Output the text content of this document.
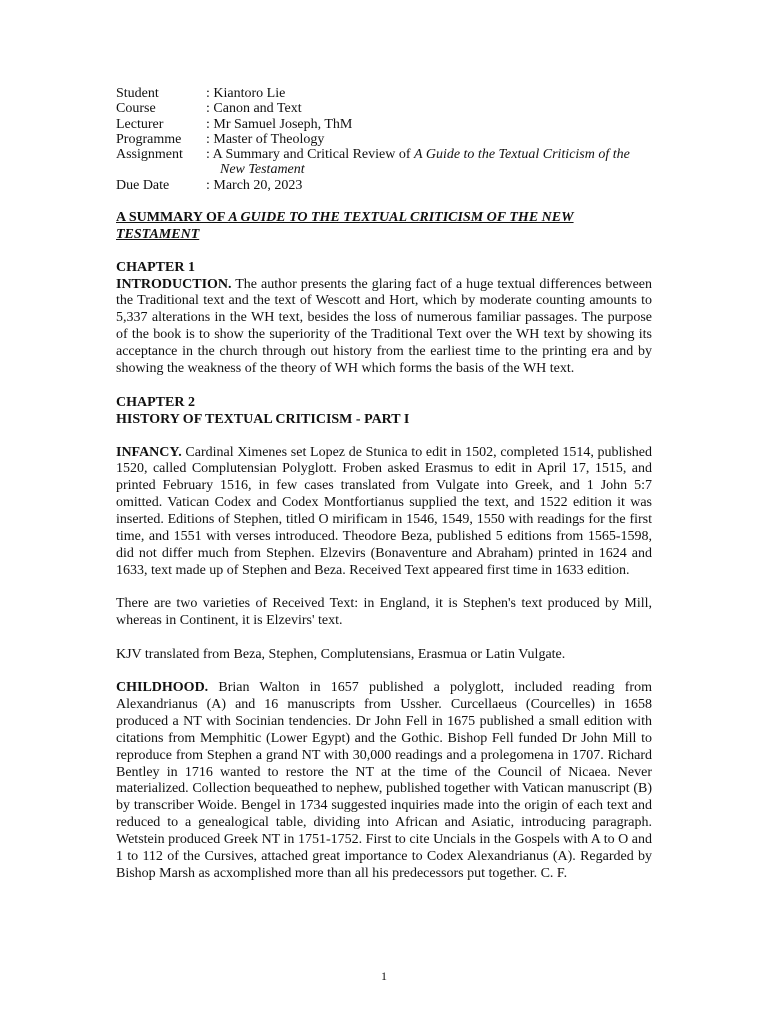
Student	: Kiantoro Lie
Course	: Canon and Text
Lecturer	: Mr Samuel Joseph, ThM
Programme	: Master of Theology
Assignment	: A Summary and Critical Review of A Guide to the Textual Criticism of the
New Testament
Due Date	: March 20, 2023
A SUMMARY OF A GUIDE TO THE TEXTUAL CRITICISM OF THE NEW TESTAMENT
CHAPTER 1

INTRODUCTION. The author presents the glaring fact of a huge textual differences between the Traditional text and the text of Wescott and Hort, which by moderate counting amounts to 5,337 alterations in the WH text, besides the loss of numerous familiar passages. The purpose of the book is to show the superiority of the Traditional Text over the WH text by showing its acceptance in the church through out history from the earliest time to the printing era and by showing the weakness of the theory of WH which forms the basis of the WH text.

CHAPTER 2
HISTORY OF TEXTUAL CRITICISM - PART I

INFANCY. Cardinal Ximenes set Lopez de Stunica to edit in 1502, completed 1514, published 1520, called Complutensian Polyglott. Froben asked Erasmus to edit in April 17, 1515, and printed February 1516, in few cases translated from Vulgate into Greek, and 1 John 5:7 omitted. Vatican Codex and Codex Montfortianus supplied the text, and 1522 edition it was inserted. Editions of Stephen, titled O mirificam in 1546, 1549, 1550 with readings for the first time, and 1551 with verses introduced. Theodore Beza, published 5 editions from 1565-1598, did not differ much from Stephen. Elzevirs (Bonaventure and Abraham) printed in 1624 and 1633, text made up of Stephen and Beza. Received Text appeared first time in 1633 edition.

There are two varieties of Received Text: in England, it is Stephen's text produced by Mill, whereas in Continent, it is Elzevirs' text.

KJV translated from Beza, Stephen, Complutensians, Erasmua or Latin Vulgate.

CHILDHOOD. Brian Walton in 1657 published a polyglott, included reading from Alexandrianus (A) and 16 manuscripts from Ussher. Curcellaeus (Courcelles) in 1658 produced a NT with Socinian tendencies. Dr John Fell in 1675 published a small edition with citations from Memphitic (Lower Egypt) and the Gothic. Bishop Fell funded Dr John Mill to reproduce from Stephen a grand NT with 30,000 readings and a prolegomena in 1707. Richard Bentley in 1716 wanted to restore the NT at the time of the Council of Nicaea. Never materialized. Collection bequeathed to nephew, published together with Vatican manuscript (B) by transcriber Woide. Bengel in 1734 suggested inquiries made into the origin of each text and reduced to a genealogical table, dividing into African and Asiatic, introducing paragraph. Wetstein produced Greek NT in 1751-1752. First to cite Uncials in the Gospels with A to O and 1 to 112 of the Cursives, attached great importance to Codex Alexandrianus (A). Regarded by Bishop Marsh as acxomplished more than all his predecessors put together. C. F.

1
